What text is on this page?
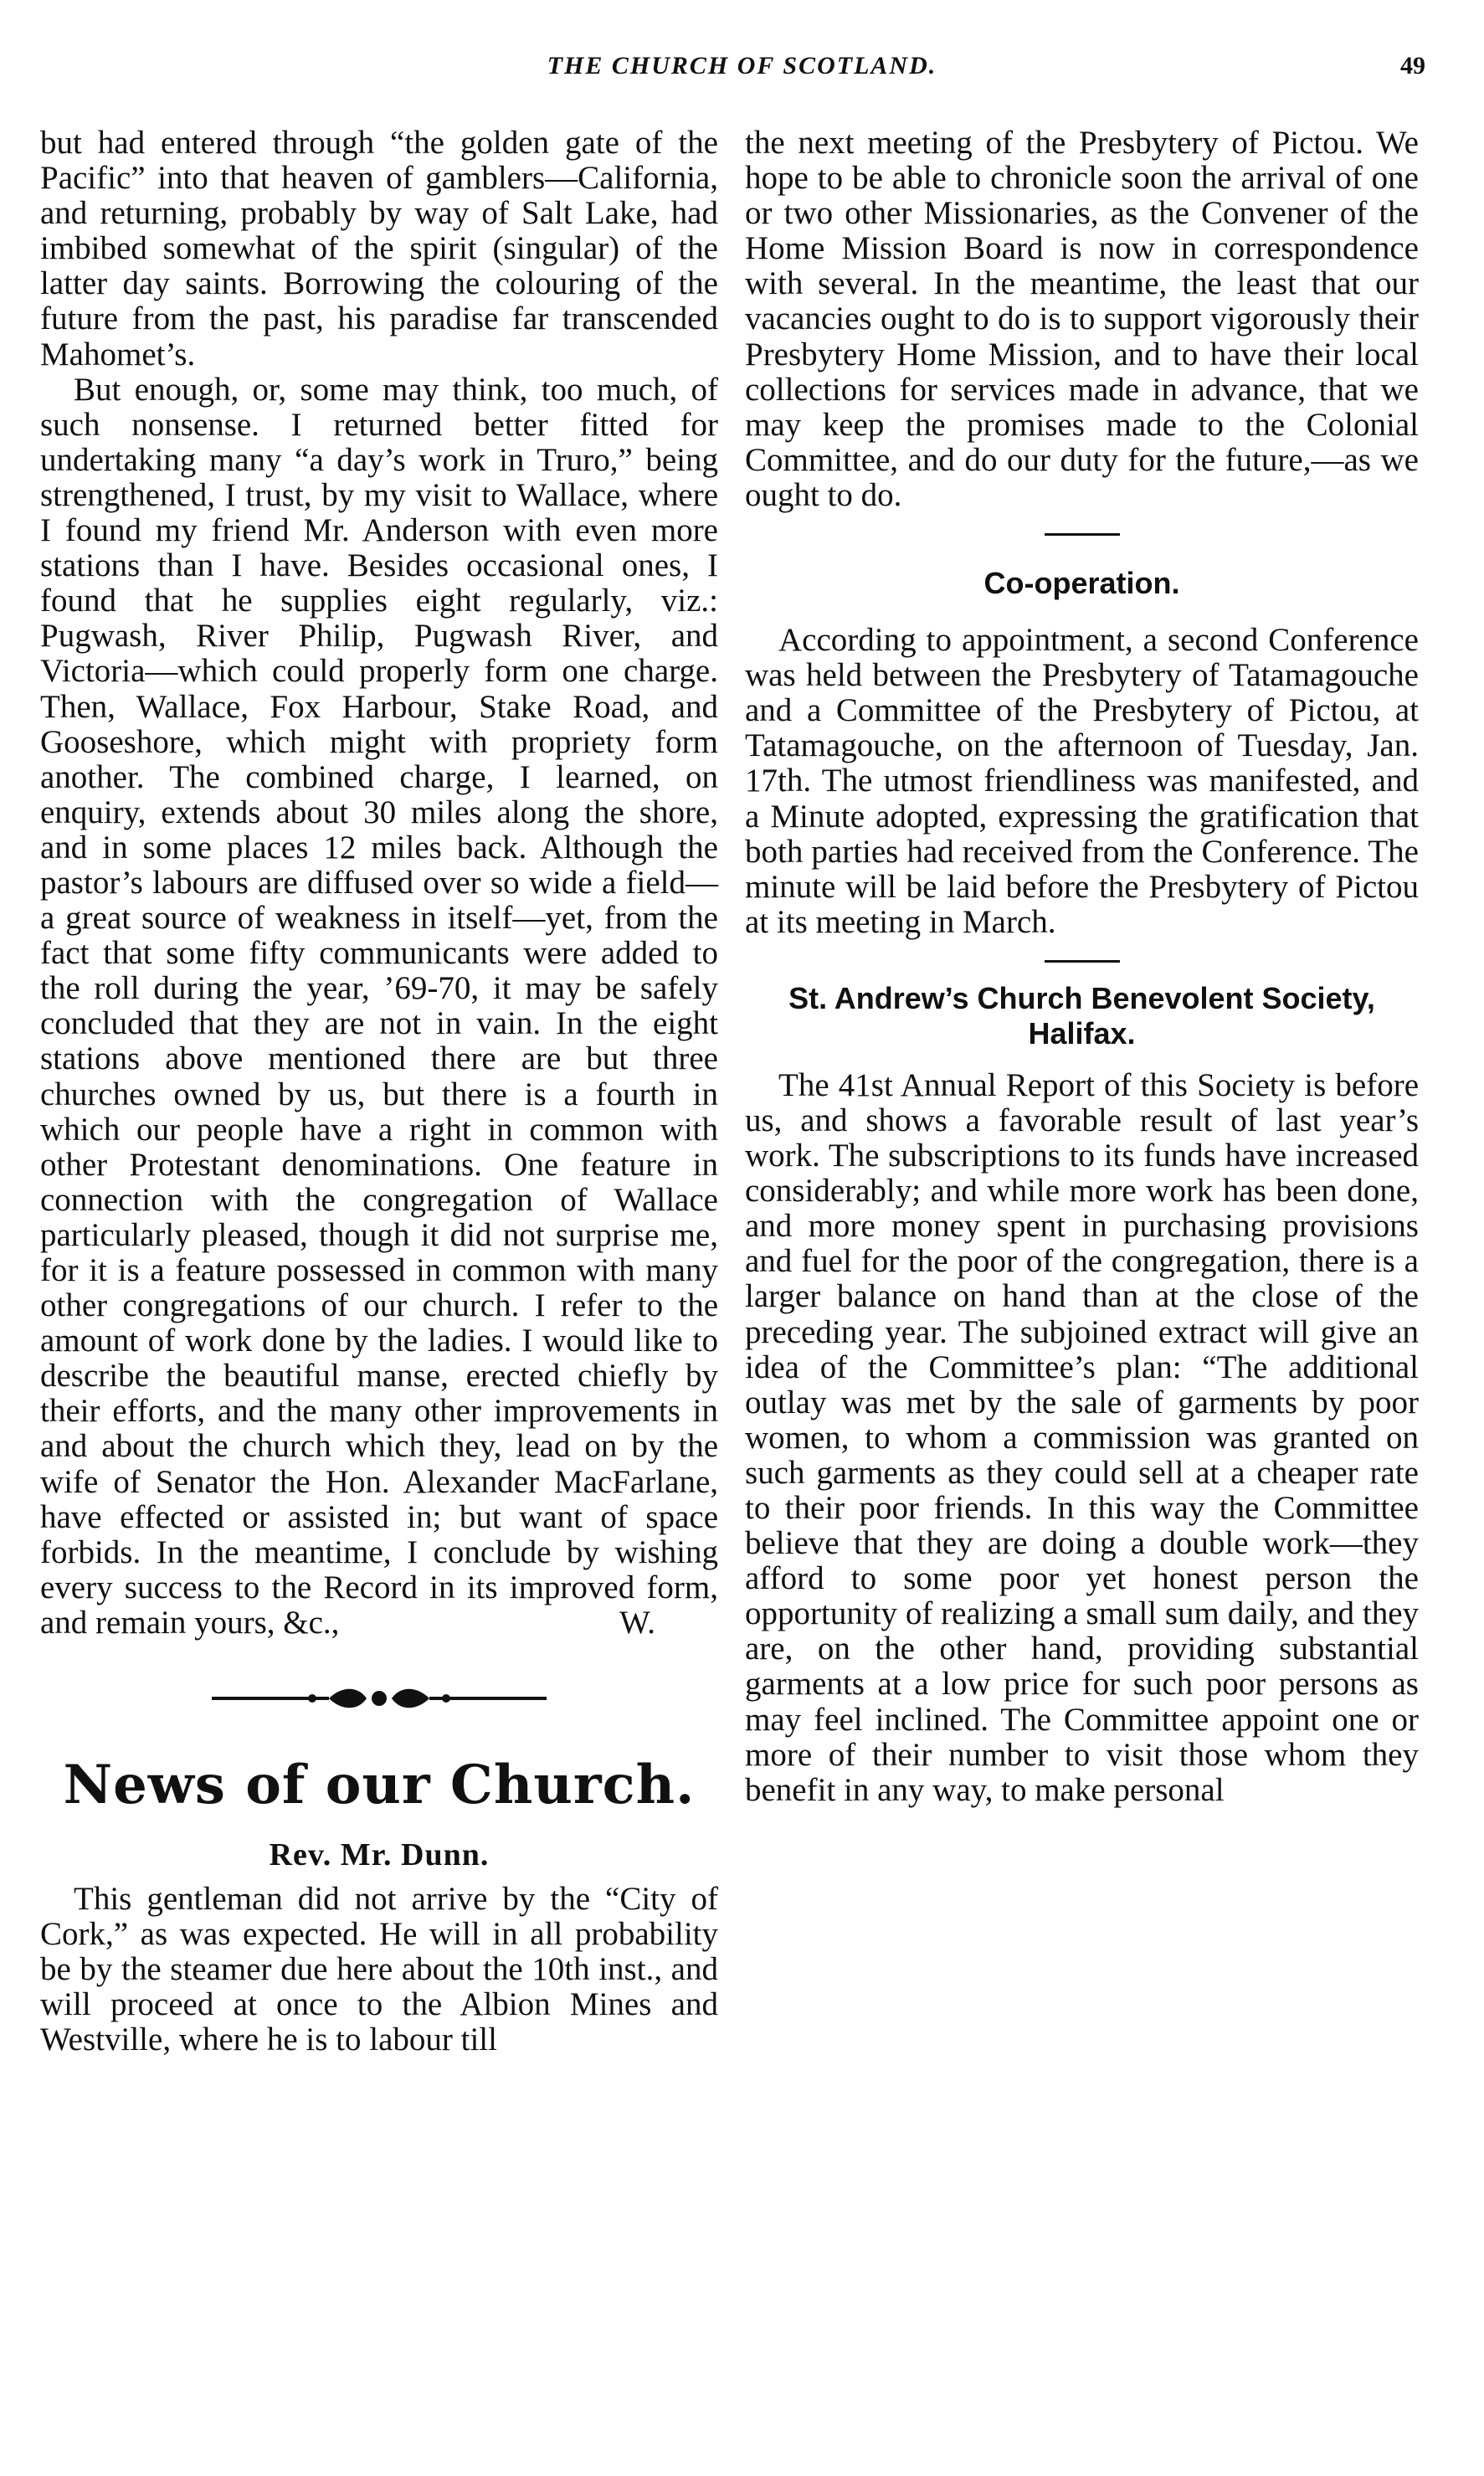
THE CHURCH OF SCOTLAND.	49

but had entered through “the golden gate of the Pacific” into that heaven of gamblers—California, and returning, probably by way of Salt Lake, had imbibed somewhat of the spirit (singular) of the latter day saints. Borrowing the colouring of the future from the past, his paradise far transcended Mahomet’s.

But enough, or, some may think, too much, of such nonsense. I returned better fitted for undertaking many “a day’s work in Truro,” being strengthened, I trust, by my visit to Wallace, where I found my friend Mr. Anderson with even more stations than I have. Besides occasional ones, I found that he supplies eight regularly, viz.: Pugwash, River Philip, Pugwash River, and Victoria—which could properly form one charge. Then, Wallace, Fox Harbour, Stake Road, and Gooseshore, which might with propriety form another. The combined charge, I learned, on enquiry, extends about 30 miles along the shore, and in some places 12 miles back. Although the pastor’s labours are diffused over so wide a field—a great source of weakness in itself—yet, from the fact that some fifty communicants were added to the roll during the year, ’69-70, it may be safely concluded that they are not in vain. In the eight stations above mentioned there are but three churches owned by us, but there is a fourth in which our people have a right in common with other Protestant denominations. One feature in connection with the congregation of Wallace particularly pleased, though it did not surprise me, for it is a feature possessed in common with many other congregations of our church. I refer to the amount of work done by the ladies. I would like to describe the beautiful manse, erected chiefly by their efforts, and the many other improvements in and about the church which they, lead on by the wife of Senator the Hon. Alexander MacFarlane, have effected or assisted in; but want of space forbids. In the meantime, I conclude by wishing every success to the Record in its improved form, and remain yours, &c.,	W.

News of our Church.
Rev. Mr. Dunn.

This gentleman did not arrive by the “City of Cork,” as was expected. He will in all probability be by the steamer due here about the 10th inst., and will proceed at once to the Albion Mines and Westville, where he is to labour till

the next meeting of the Presbytery of Pictou. We hope to be able to chronicle soon the arrival of one or two other Missionaries, as the Convener of the Home Mission Board is now in correspondence with several. In the meantime, the least that our vacancies ought to do is to support vigorously their Presbytery Home Mission, and to have their local collections for services made in advance, that we may keep the promises made to the Colonial Committee, and do our duty for the future,—as we ought to do.

Co-operation.

According to appointment, a second Conference was held between the Presbytery of Tatamagouche and a Committee of the Presbytery of Pictou, at Tatamagouche, on the afternoon of Tuesday, Jan. 17th. The utmost friendliness was manifested, and a Minute adopted, expressing the gratification that both parties had received from the Conference. The minute will be laid before the Presbytery of Pictou at its meeting in March.

St. Andrew’s Church Benevolent Society, Halifax.

The 41st Annual Report of this Society is before us, and shows a favorable result of last year’s work. The subscriptions to its funds have increased considerably; and while more work has been done, and more money spent in purchasing provisions and fuel for the poor of the congregation, there is a larger balance on hand than at the close of the preceding year. The subjoined extract will give an idea of the Committee’s plan: “The additional outlay was met by the sale of garments by poor women, to whom a commission was granted on such garments as they could sell at a cheaper rate to their poor friends. In this way the Committee believe that they are doing a double work—they afford to some poor yet honest person the opportunity of realizing a small sum daily, and they are, on the other hand, providing substantial garments at a low price for such poor persons as may feel inclined. The Committee appoint one or more of their number to visit those whom they benefit in any way, to make personal
